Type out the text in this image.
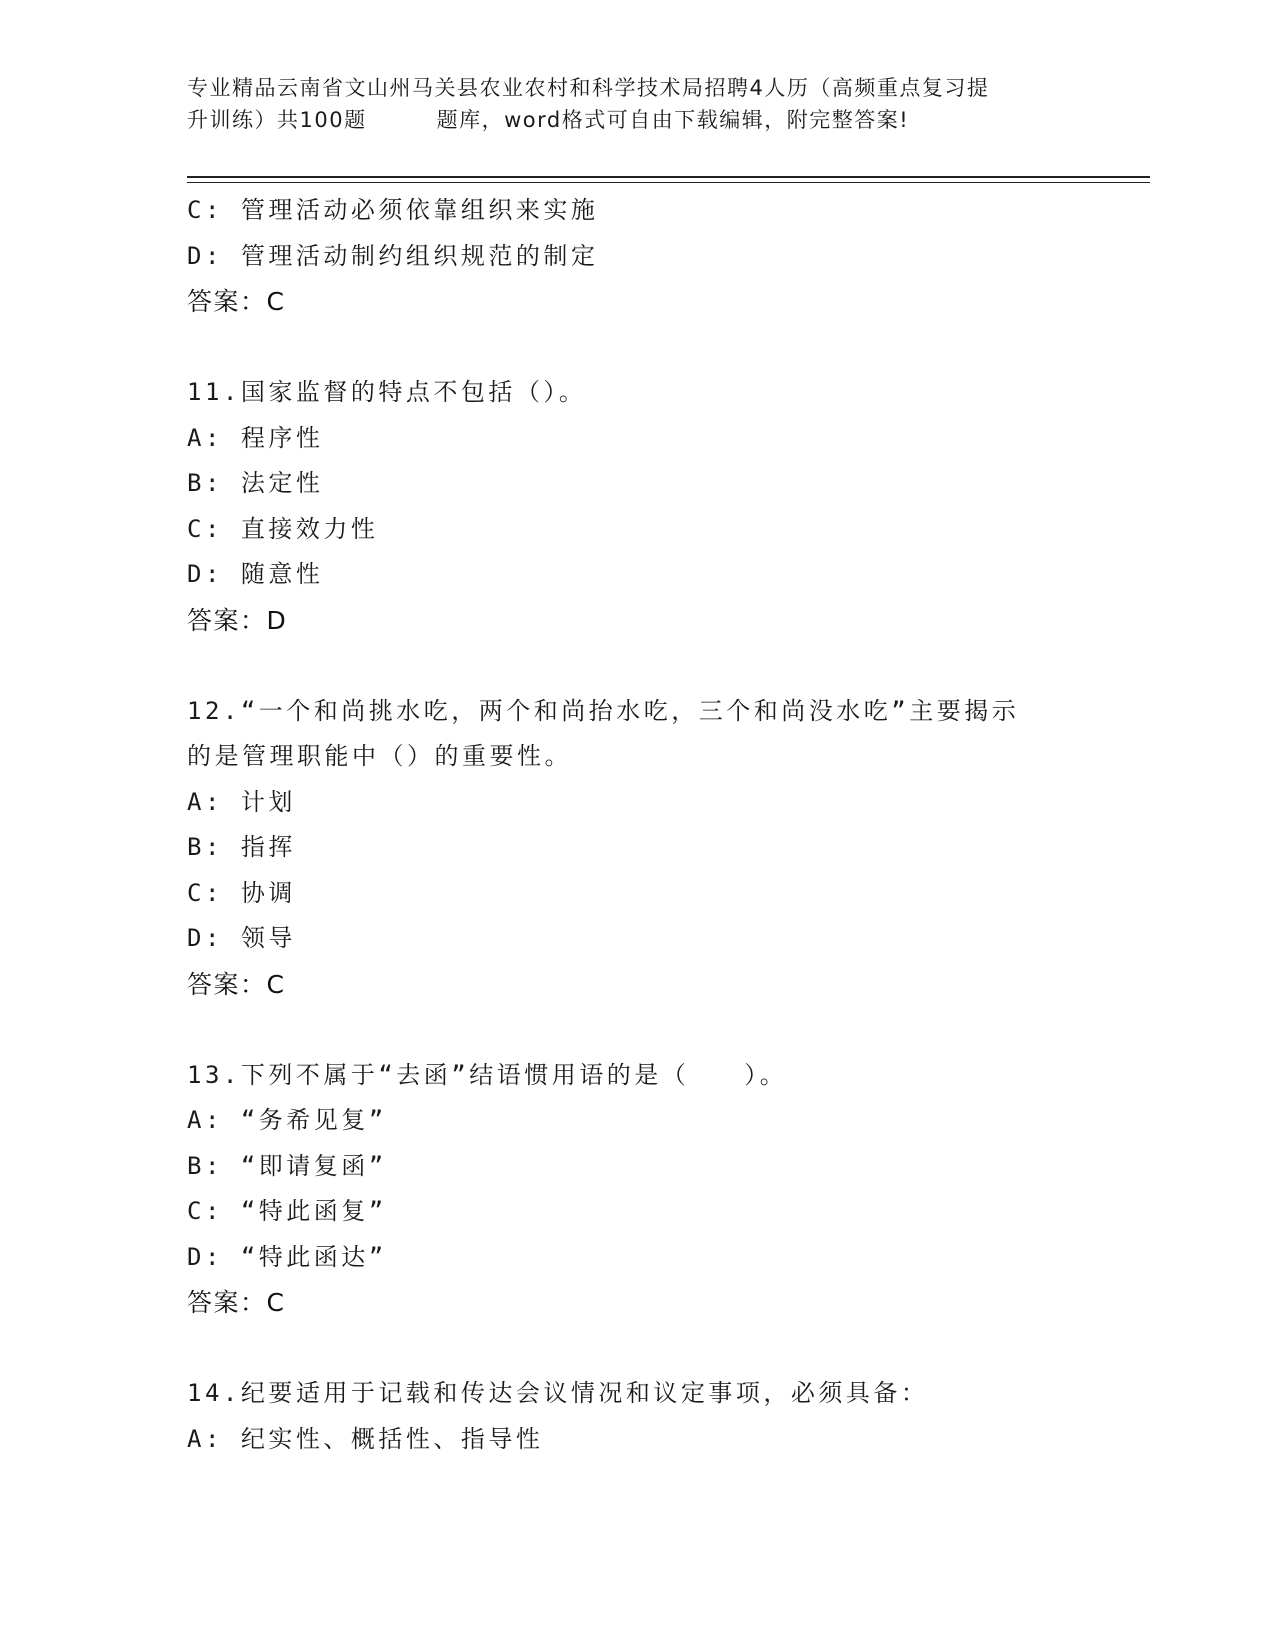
专业精品云南省文山州马关县农业农村和科学技术局招聘4人历（高频重点复习提
升训练）共100题	题库，word格式可自由下载编辑，附完整答案!
C: 管理活动必须依靠组织来实施
D: 管理活动制约组织规范的制定
答案：C
11.国家监督的特点不包括（）。
A: 程序性
B: 法定性
C: 直接效力性
D: 随意性
答案：D
12.“一个和尚挑水吃，两个和尚抬水吃，三个和尚没水吃”主要揭示
的是管理职能中（）的重要性。
A: 计划
B: 指挥
C: 协调
D: 领导
答案：C
13.下列不属于“去函”结语惯用语的是（　　）。
A: “务希见复”
B: “即请复函”
C: “特此函复”
D: “特此函达”
答案：C
14.纪要适用于记载和传达会议情况和议定事项，必须具备：
A: 纪实性、概括性、指导性
